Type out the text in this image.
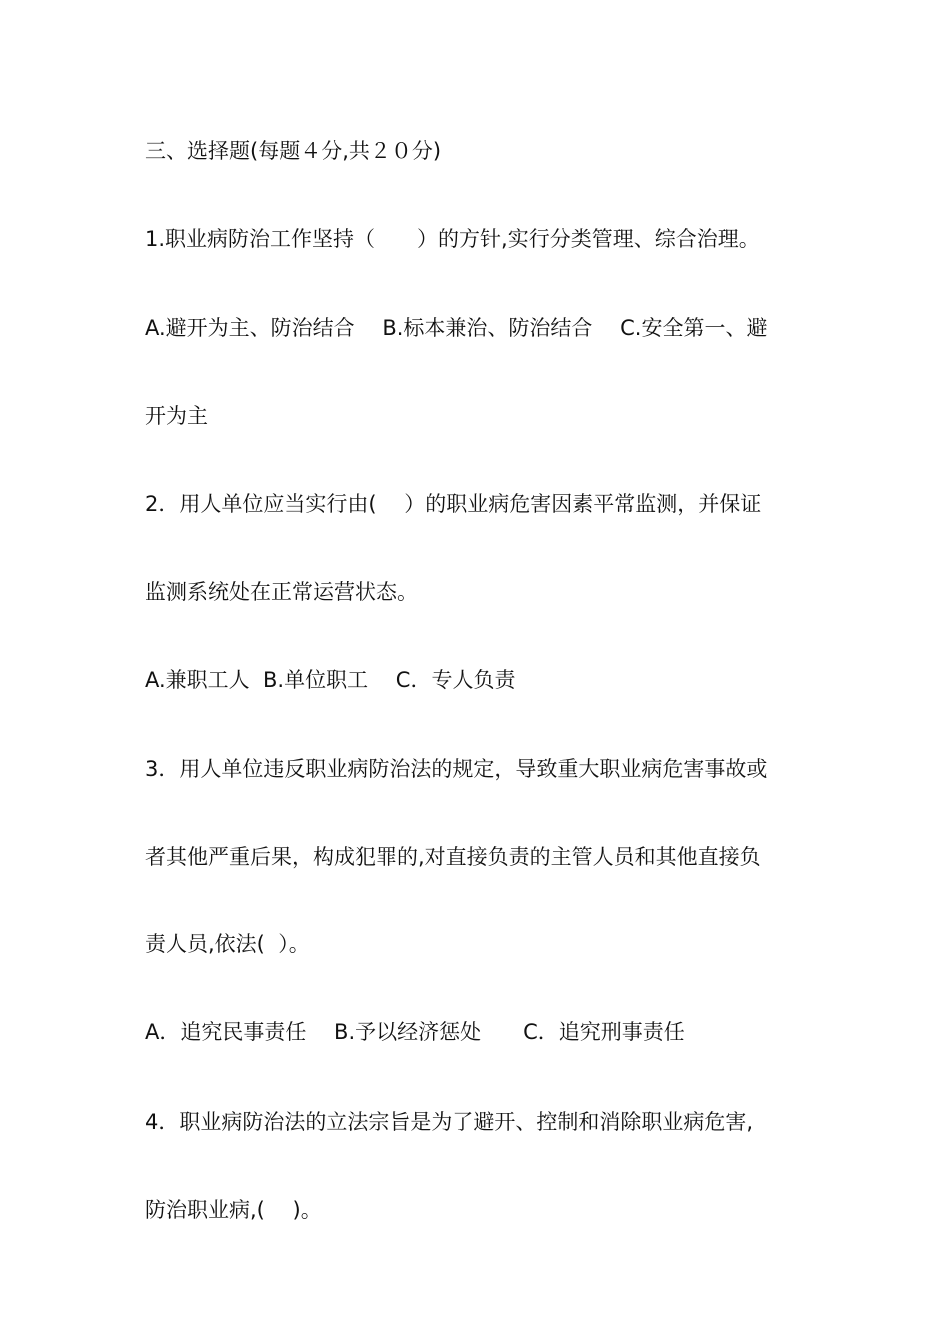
三、选择题(每题４分,共２０分)
1.职业病防治工作坚持（　　）的方针,实行分类管理、综合治理。
A.避开为主、防治结合　 B.标本兼治、防治结合　 C.安全第一、避
开为主
2．用人单位应当实行由(　 ）的职业病危害因素平常监测，并保证
监测系统处在正常运营状态。
A.兼职工人  B.单位职工　 C．专人负责
3．用人单位违反职业病防治法的规定，导致重大职业病危害事故或
者其他严重后果，构成犯罪的,对直接负责的主管人员和其他直接负
责人员,依法(  ）。
A．追究民事责任　 B.予以经济惩处　　C．追究刑事责任
4．职业病防治法的立法宗旨是为了避开、控制和消除职业病危害,
防治职业病,(　 )。
